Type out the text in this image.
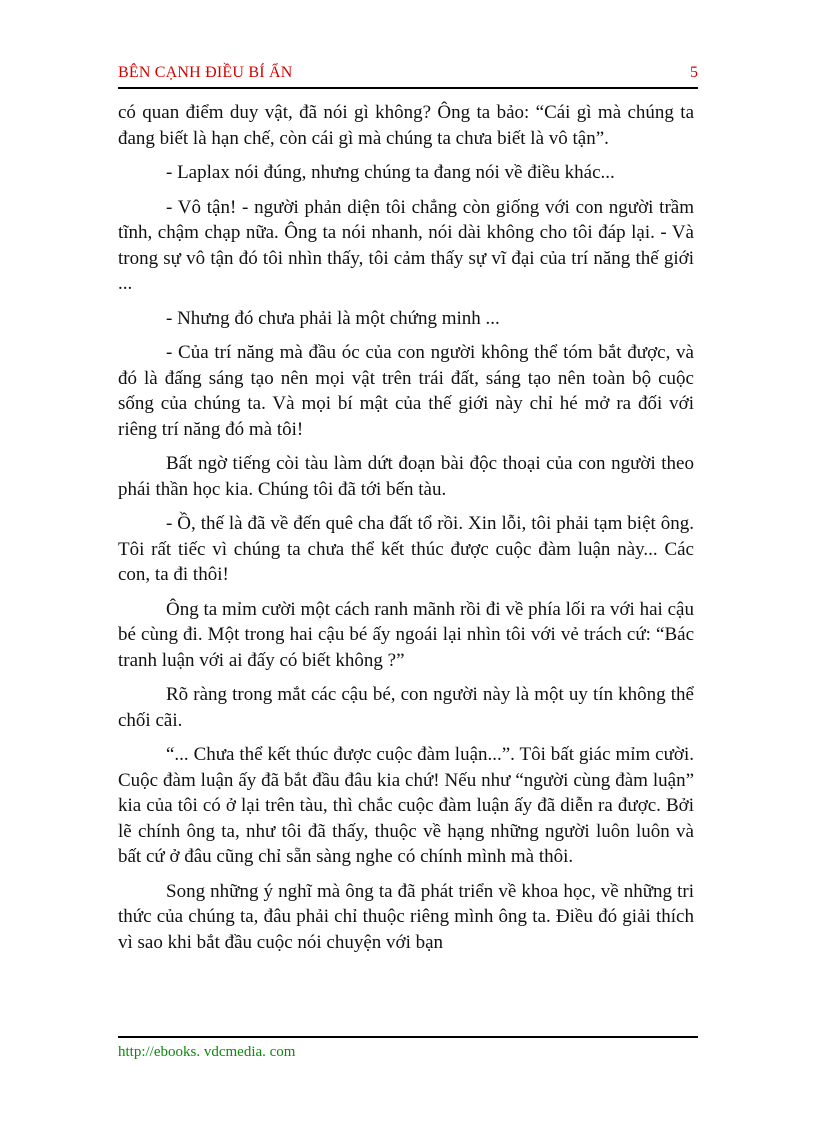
BÊN CẠNH ĐIỀU BÍ ẨN	5

có quan điểm duy vật, đã nói gì không? Ông ta bảo: “Cái gì mà chúng ta đang biết là hạn chế, còn cái gì mà chúng ta chưa biết là vô tận”.

- Laplax nói đúng, nhưng chúng ta đang nói về điều khác...

- Vô tận! - người phản diện tôi chẳng còn giống với con người trầm tĩnh, chậm chạp nữa. Ông ta nói nhanh, nói dài không cho tôi đáp lại. - Và trong sự vô tận đó tôi nhìn thấy, tôi cảm thấy sự vĩ đại của trí năng thế giới ...

- Nhưng đó chưa phải là một chứng minh ...

- Của trí năng mà đầu óc của con người không thể tóm bắt được, và đó là đấng sáng tạo nên mọi vật trên trái đất, sáng tạo nên toàn bộ cuộc sống của chúng ta. Và mọi bí mật của thế giới này chỉ hé mở ra đối với riêng trí năng đó mà tôi!

Bất ngờ tiếng còi tàu làm dứt đoạn bài độc thoại của con người theo phái thần học kia. Chúng tôi đã tới bến tàu.

- Ồ, thế là đã về đến quê cha đất tổ rồi. Xin lỗi, tôi phải tạm biệt ông. Tôi rất tiếc vì chúng ta chưa thể kết thúc được cuộc đàm luận này... Các con, ta đi thôi!

Ông ta mỉm cười một cách ranh mãnh rồi đi về phía lối ra với hai cậu bé cùng đi. Một trong hai cậu bé ấy ngoái lại nhìn tôi với vẻ trách cứ: “Bác tranh luận với ai đấy có biết không ?”

Rõ ràng trong mắt các cậu bé, con người này là một uy tín không thể chối cãi.

“... Chưa thể kết thúc được cuộc đàm luận...”. Tôi bất giác mỉm cười. Cuộc đàm luận ấy đã bắt đầu đâu kia chứ! Nếu như “người cùng đàm luận” kia của tôi có ở lại trên tàu, thì chắc cuộc đàm luận ấy đã diễn ra được. Bởi lẽ chính ông ta, như tôi đã thấy, thuộc về hạng những người luôn luôn và bất cứ ở đâu cũng chỉ sẵn sàng nghe có chính mình mà thôi.

Song những ý nghĩ mà ông ta đã phát triển về khoa học, về những tri thức của chúng ta, đâu phải chỉ thuộc riêng mình ông ta. Điều đó giải thích vì sao khi bắt đầu cuộc nói chuyện với bạn

http://ebooks. vdcmedia. com
